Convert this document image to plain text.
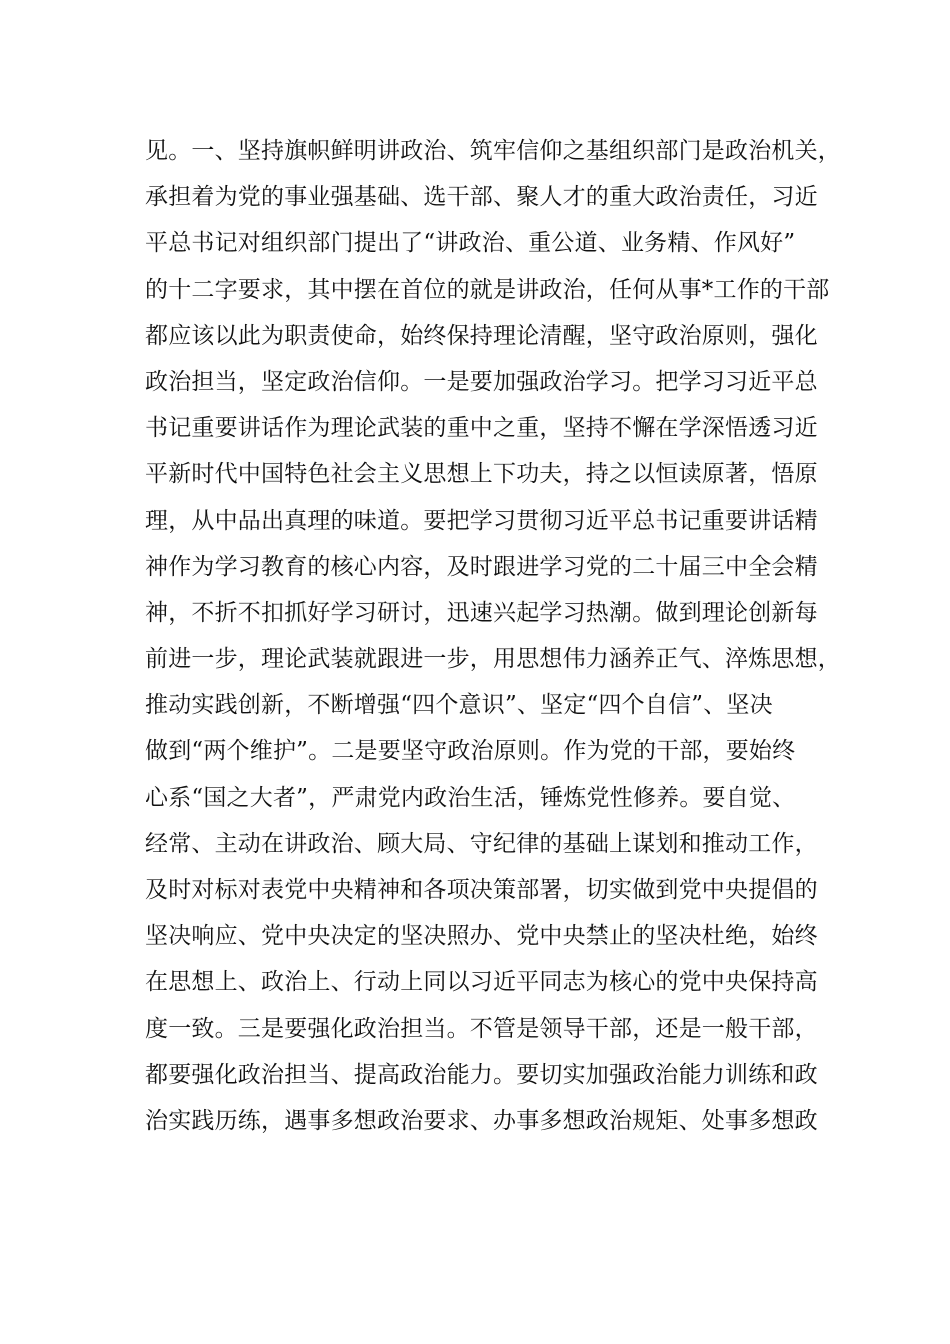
见。一、坚持旗帜鲜明讲政治、筑牢信仰之基组织部门是政治机关，
承担着为党的事业强基础、选干部、聚人才的重大政治责任，习近
平总书记对组织部门提出了“讲政治、重公道、业务精、作风好”
的十二字要求，其中摆在首位的就是讲政治，任何从事*工作的干部
都应该以此为职责使命，始终保持理论清醒，坚守政治原则，强化
政治担当，坚定政治信仰。一是要加强政治学习。把学习习近平总
书记重要讲话作为理论武装的重中之重，坚持不懈在学深悟透习近
平新时代中国特色社会主义思想上下功夫，持之以恒读原著，悟原
理，从中品出真理的味道。要把学习贯彻习近平总书记重要讲话精
神作为学习教育的核心内容，及时跟进学习党的二十届三中全会精
神，不折不扣抓好学习研讨，迅速兴起学习热潮。做到理论创新每
前进一步，理论武装就跟进一步，用思想伟力涵养正气、淬炼思想，
推动实践创新，不断增强“四个意识”、坚定“四个自信”、坚决
做到“两个维护”。二是要坚守政治原则。作为党的干部，要始终
心系“国之大者”，严肃党内政治生活，锤炼党性修养。要自觉、
经常、主动在讲政治、顾大局、守纪律的基础上谋划和推动工作，
及时对标对表党中央精神和各项决策部署，切实做到党中央提倡的
坚决响应、党中央决定的坚决照办、党中央禁止的坚决杜绝，始终
在思想上、政治上、行动上同以习近平同志为核心的党中央保持高
度一致。三是要强化政治担当。不管是领导干部，还是一般干部，
都要强化政治担当、提高政治能力。要切实加强政治能力训练和政
治实践历练，遇事多想政治要求、办事多想政治规矩、处事多想政
